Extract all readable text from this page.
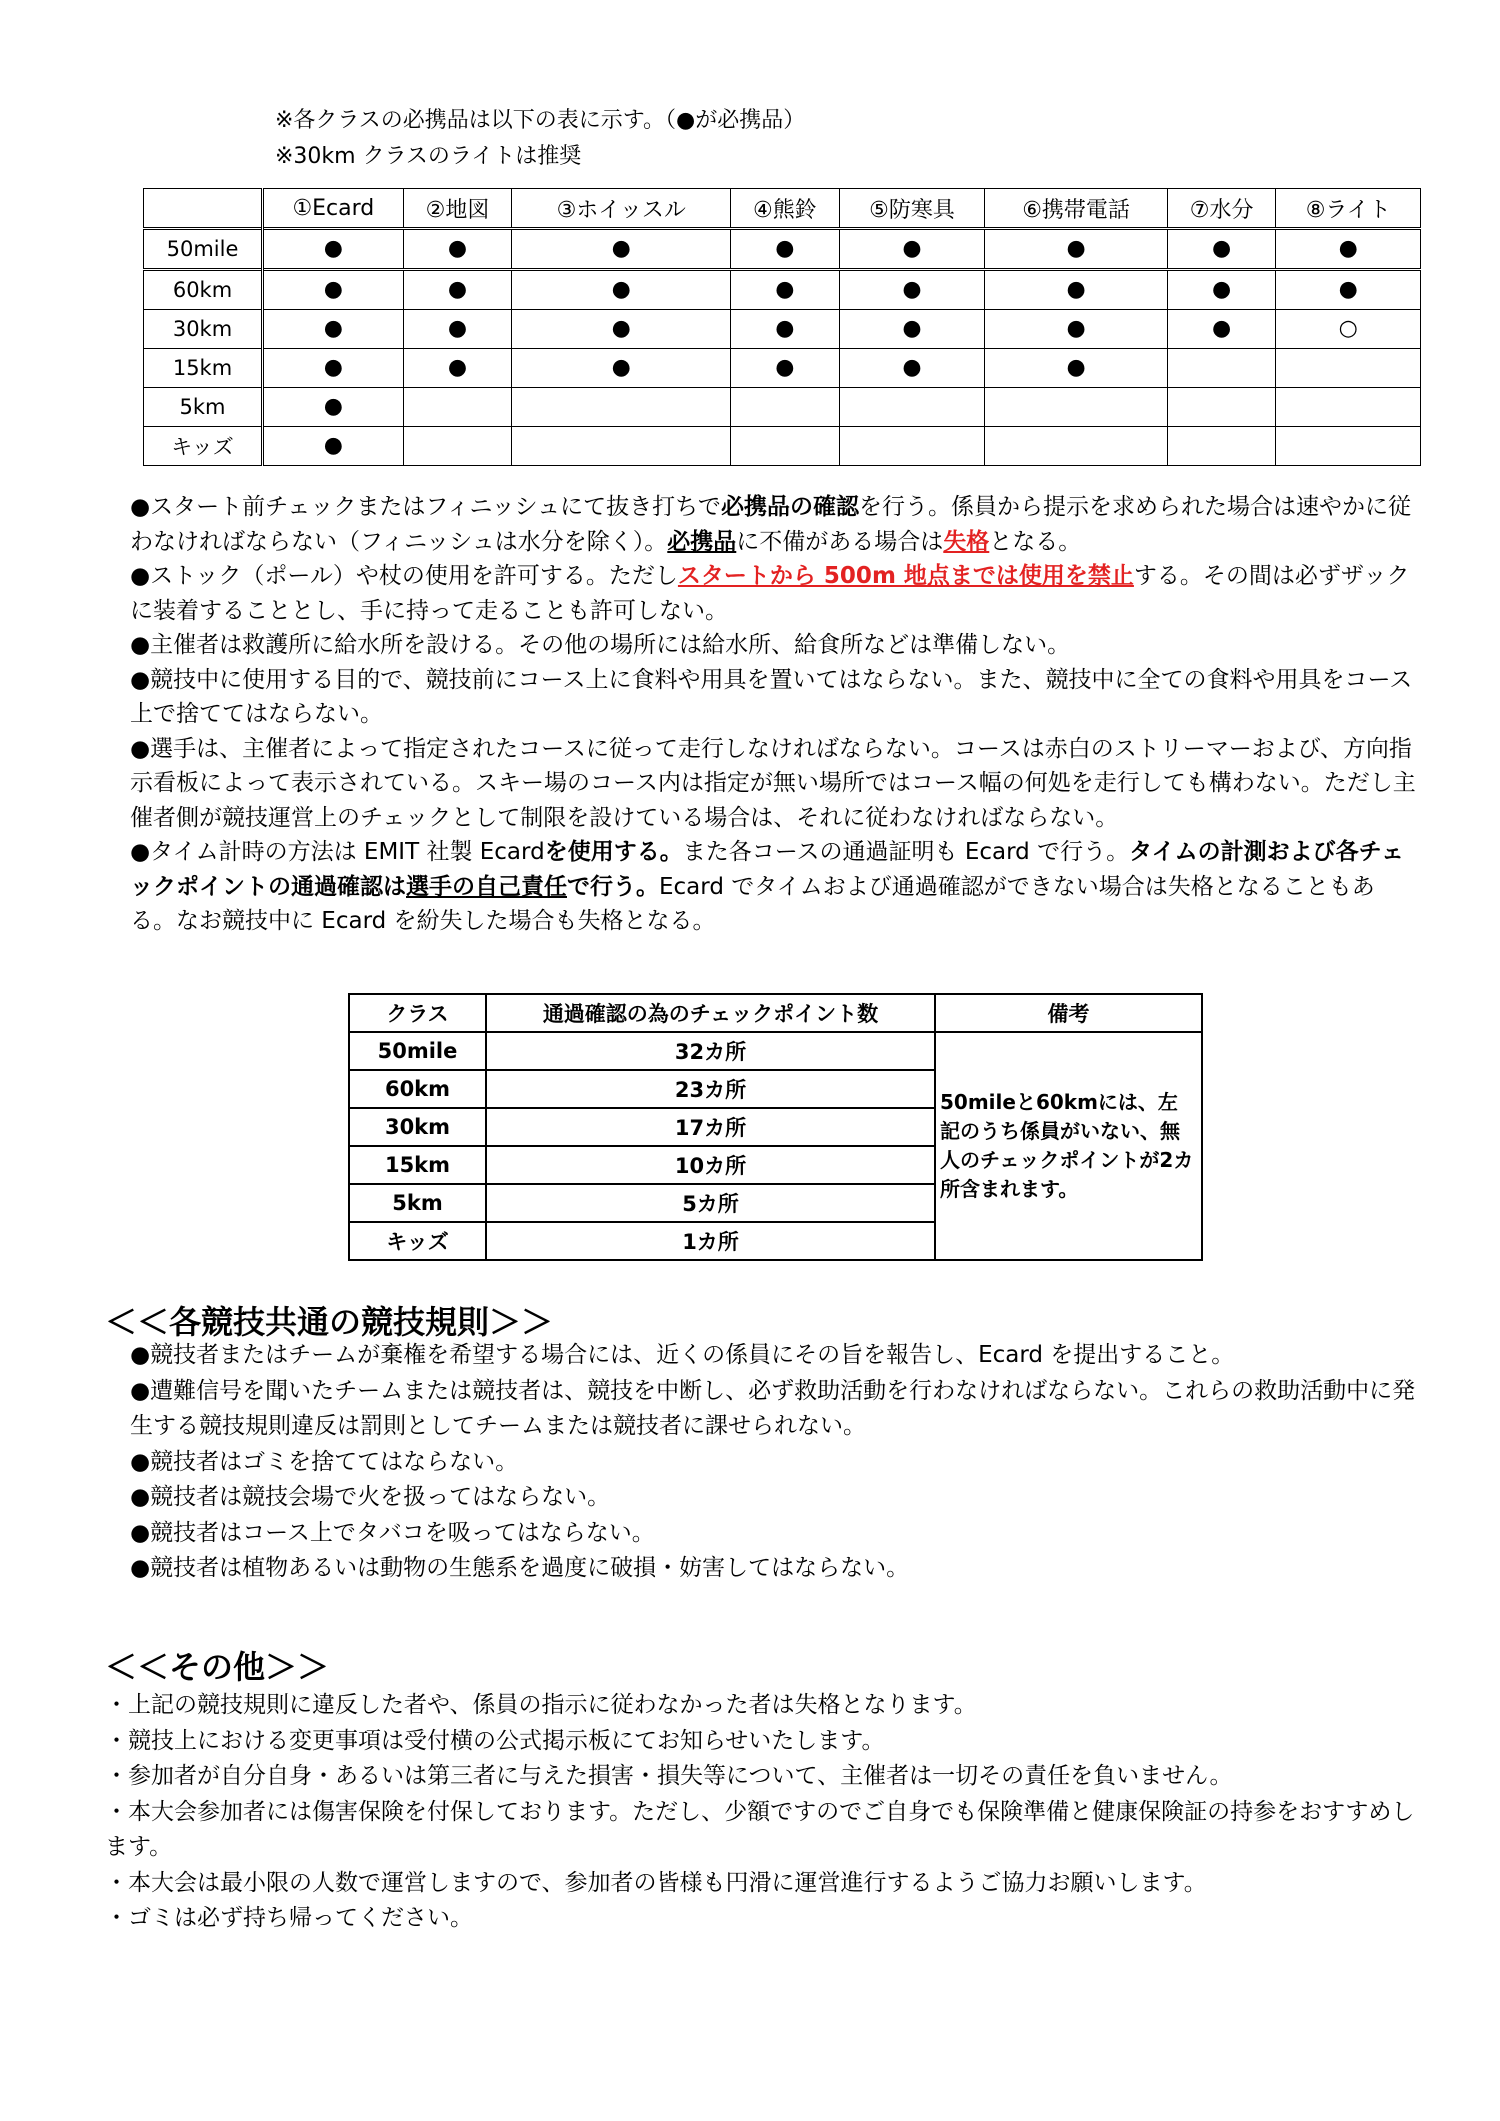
※各クラスの必携品は以下の表に示す。（●が必携品）
※30km クラスのライトは推奨
	①Ecard	②地図	③ホイッスル	④熊鈴	⑤防寒具	⑥携帯電話	⑦水分	⑧ライト
50mile	●	●	●	●	●	●	●	●
60km	●	●	●	●	●	●	●	●
30km	●	●	●	●	●	●	●	○
15km	●	●	●	●	●	●		
5km	●							
キッズ	●							

●スタート前チェックまたはフィニッシュにて抜き打ちで必携品の確認を行う。係員から提示を求められた場合は速やかに従わなければならない（フィニッシュは水分を除く）。必携品に不備がある場合は失格となる。

●ストック（ポール）や杖の使用を許可する。ただしスタートから 500m 地点までは使用を禁止する。その間は必ずザックに装着することとし、手に持って走ることも許可しない。

●主催者は救護所に給水所を設ける。その他の場所には給水所、給食所などは準備しない。

●競技中に使用する目的で、競技前にコース上に食料や用具を置いてはならない。また、競技中に全ての食料や用具をコース上で捨ててはならない。

●選手は、主催者によって指定されたコースに従って走行しなければならない。コースは赤白のストリーマーおよび、方向指示看板によって表示されている。スキー場のコース内は指定が無い場所ではコース幅の何処を走行しても構わない。ただし主催者側が競技運営上のチェックとして制限を設けている場合は、それに従わなければならない。

●タイム計時の方法は EMIT 社製 Ecardを使用する。また各コースの通過証明も Ecard で行う。タイムの計測および各チェックポイントの通過確認は選手の自己責任で行う。Ecard でタイムおよび通過確認ができない場合は失格となることもある。なお競技中に Ecard を紛失した場合も失格となる。

クラス	通過確認の為のチェックポイント数	備考
50mile	32カ所	50mileと60kmには、左記のうち係員がいない、無人のチェックポイントが2カ所含まれます。
60km	23カ所	
30km	17カ所	
15km	10カ所	
5km	5カ所	
キッズ	1カ所	
＜＜各競技共通の競技規則＞＞

●競技者またはチームが棄権を希望する場合には、近くの係員にその旨を報告し、Ecard を提出すること。

●遭難信号を聞いたチームまたは競技者は、競技を中断し、必ず救助活動を行わなければならない。これらの救助活動中に発生する競技規則違反は罰則としてチームまたは競技者に課せられない。

●競技者はゴミを捨ててはならない。

●競技者は競技会場で火を扱ってはならない。

●競技者はコース上でタバコを吸ってはならない。

●競技者は植物あるいは動物の生態系を過度に破損・妨害してはならない。

＜＜その他＞＞

・上記の競技規則に違反した者や、係員の指示に従わなかった者は失格となります。

・競技上における変更事項は受付横の公式掲示板にてお知らせいたします。

・参加者が自分自身・あるいは第三者に与えた損害・損失等について、主催者は一切その責任を負いません。

・本大会参加者には傷害保険を付保しております。ただし、少額ですのでご自身でも保険準備と健康保険証の持参をおすすめします。

・本大会は最小限の人数で運営しますので、参加者の皆様も円滑に運営進行するようご協力お願いします。

・ゴミは必ず持ち帰ってください。
